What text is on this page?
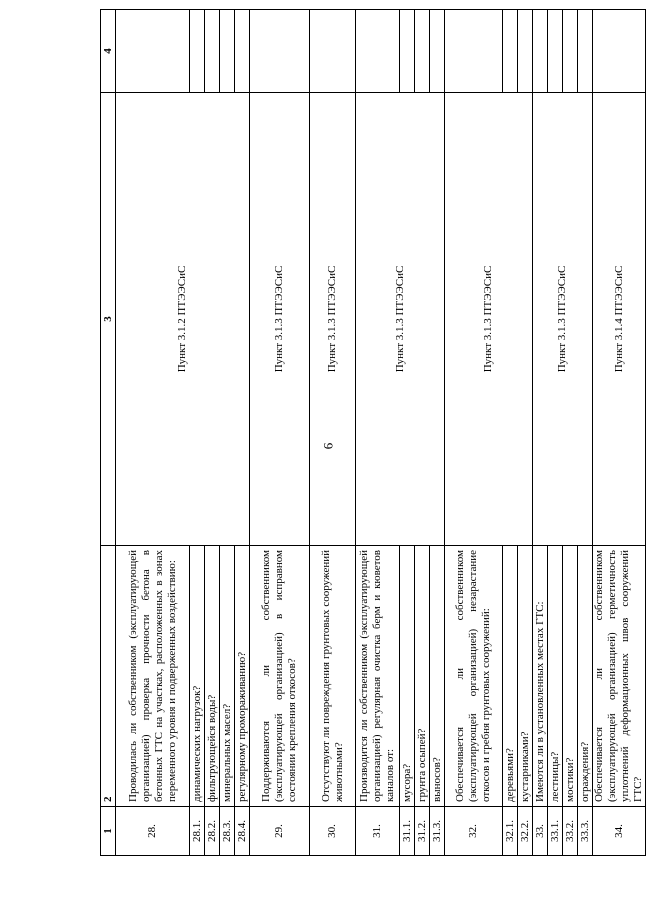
9
1	2	3	4
28.	Проводилась ли собственником (эксплуатирующей организацией) проверка прочности бетона в бетонных ГТС на участках, расположенных в зонах переменного уровня и подверженных воздействию:	Пункт 3.1.2 ПТЭЭСиС	
28.1.	динамических нагрузок?		
28.2.	фильтрующейся воды?		
28.3.	минеральных масел?		
28.4.	регулярному промораживанию?		
29.	Поддерживаются ли собственником (эксплуатирующей организацией) в исправном состоянии крепления откосов?	Пункт 3.1.3 ПТЭЭСиС	
30.	Отсутствуют ли повреждения грунтовых сооружений животными?	Пункт 3.1.3 ПТЭЭСиС	
31.	Производится ли собственником (эксплуатирующей организацией) регулярная очистка берм и кюветов каналов от:	Пункт 3.1.3 ПТЭЭСиС	
31.1.	мусора?		
31.2.	грунта осыпей?		
31.3.	выносов?		
32.	Обеспечивается ли собственником (эксплуатирующей организацией) незарастание откосов и гребня грунтовых сооружений:	Пункт 3.1.3 ПТЭЭСиС	
32.1.	деревьями?		
32.2.	кустарниками?		
33.	Имеются ли в установленных местах ГТС:	Пункт 3.1.3 ПТЭЭСиС	
33.1.	лестницы?		
33.2.	мостики?		
33.3.	ограждения?		
34.	Обеспечивается ли собственником (эксплуатирующей организацией) герметичность уплотнений деформационных швов сооружений ГТС?	Пункт 3.1.4 ПТЭЭСиС	
